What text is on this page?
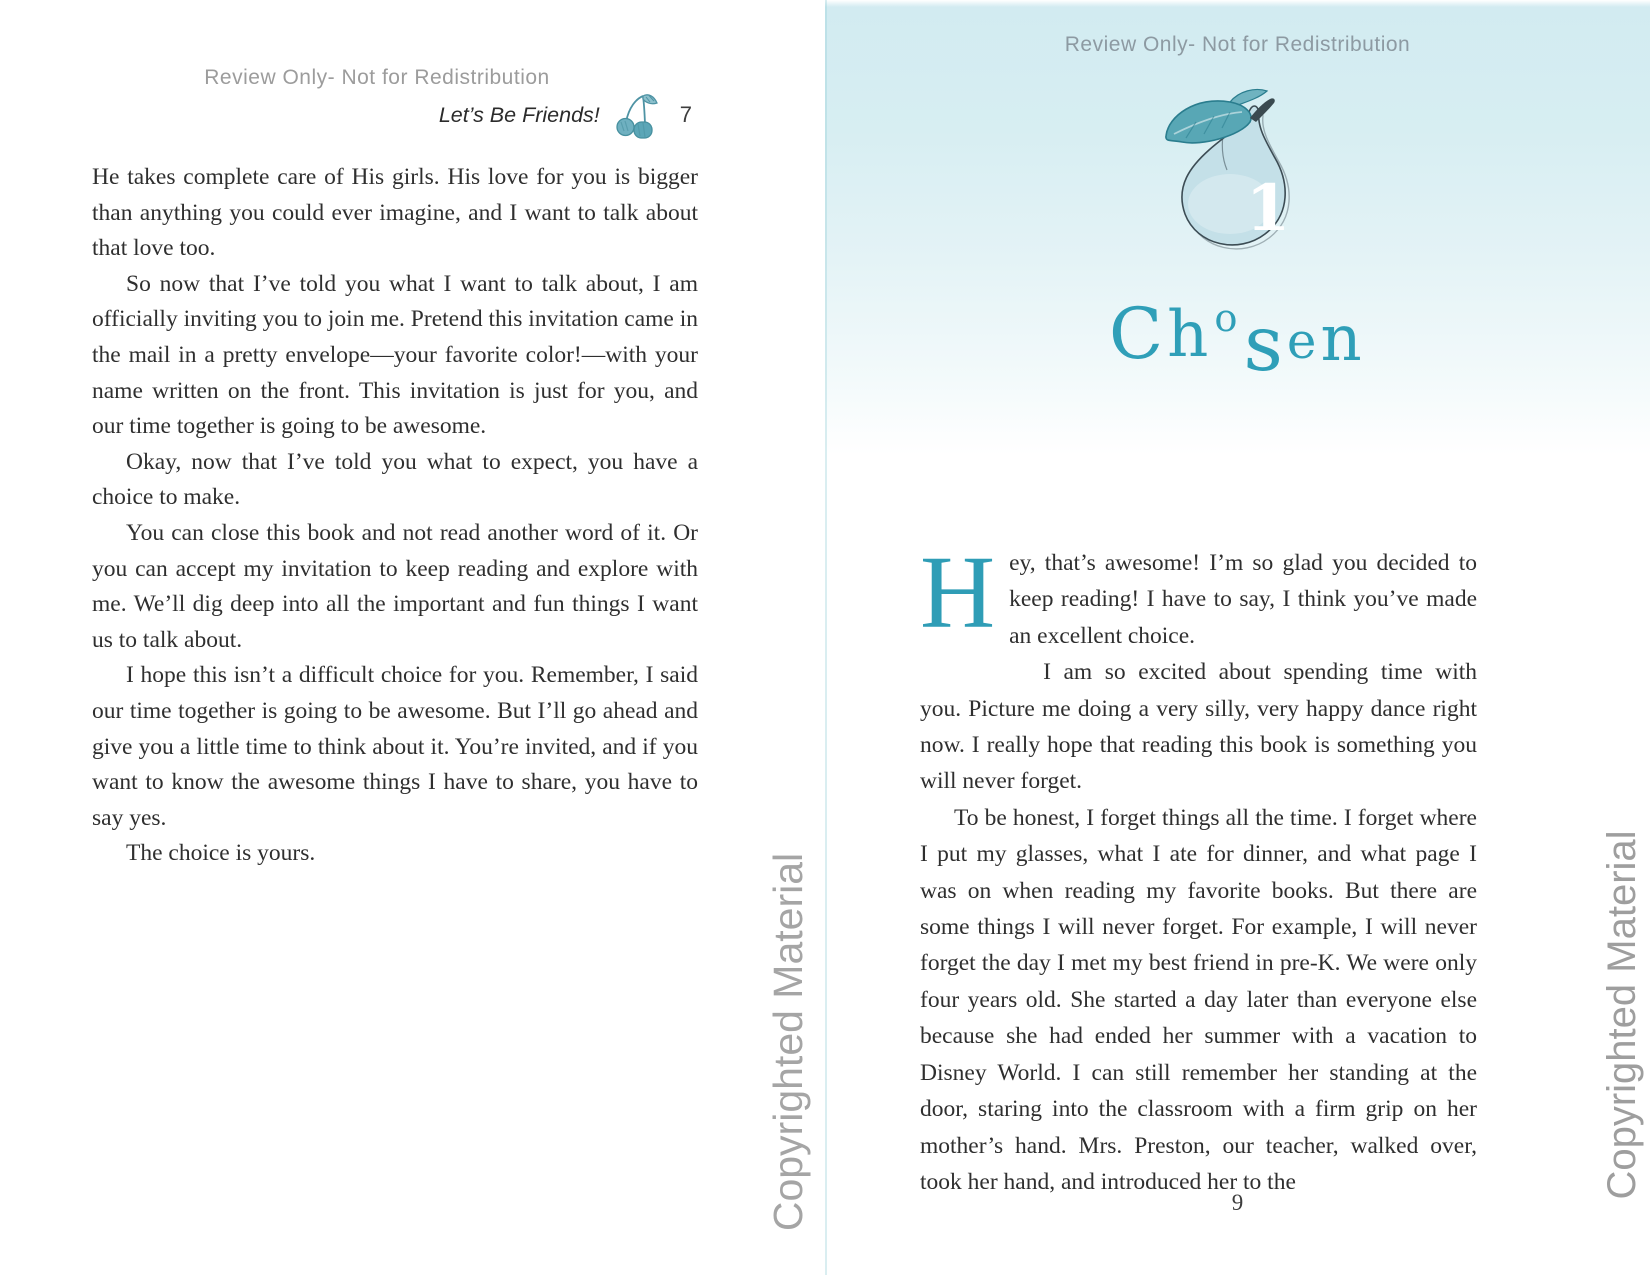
Review Only- Not for Redistribution
Let’s Be Friends!	7

He takes complete care of His girls. His love for you is bigger than anything you could ever imagine, and I want to talk about that love too.

So now that I’ve told you what I want to talk about, I am officially inviting you to join me. Pretend this invitation came in the mail in a pretty envelope—your favorite color!—with your name written on the front. This invitation is just for you, and our time together is going to be awesome.

Okay, now that I’ve told you what to expect, you have a choice to make.

You can close this book and not read another word of it. Or you can accept my invitation to keep reading and explore with me. We’ll dig deep into all the important and fun things I want us to talk about.

I hope this isn’t a difficult choice for you. Remember, I said our time together is going to be awesome. But I’ll go ahead and give you a little time to think about it. You’re invited, and if you want to know the awesome things I have to share, you have to say yes.

The choice is yours.

Review Only- Not for Redistribution
1
Chosen

Hey, that’s awesome! I’m so glad you decided to keep reading! I have to say, I think you’ve made an excellent choice.

I am so excited about spending time with you. Picture me doing a very silly, very happy dance right now. I really hope that reading this book is something you will never forget.

To be honest, I forget things all the time. I forget where I put my glasses, what I ate for dinner, and what page I was on when reading my favorite books. But there are some things I will never forget. For example, I will never forget the day I met my best friend in pre-K. We were only four years old. She started a day later than everyone else because she had ended her summer with a vacation to Disney World. I can still remember her standing at the door, staring into the classroom with a firm grip on her mother’s hand. Mrs. Preston, our teacher, walked over, took her hand, and introduced her to the

9
Copyrighted Material	Copyrighted Material
